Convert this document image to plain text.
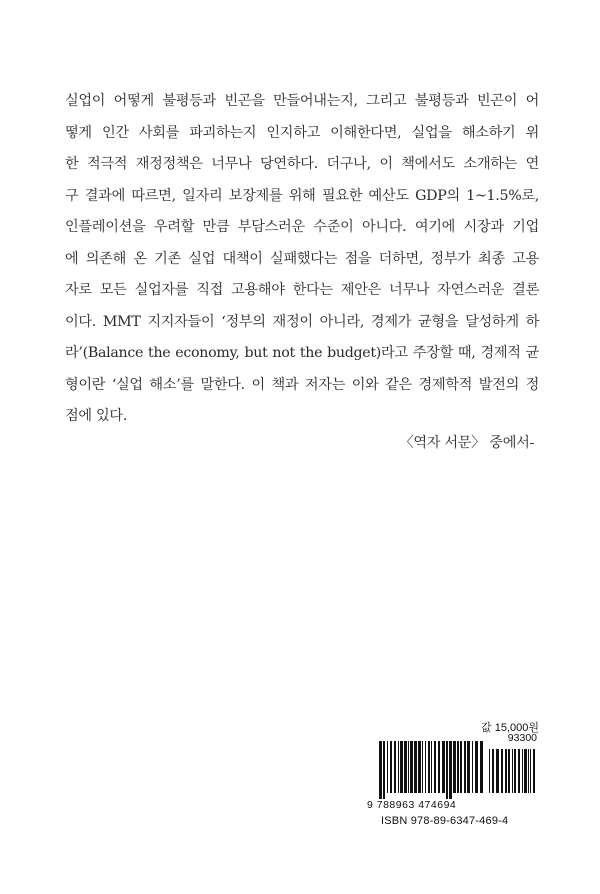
실업이 어떻게 불평등과 빈곤을 만들어내는지, 그리고 불평등과 빈곤이 어
떻게 인간 사회를 파괴하는지 인지하고 이해한다면, 실업을 해소하기 위
한 적극적 재정정책은 너무나 당연하다. 더구나, 이 책에서도 소개하는 연
구 결과에 따르면, 일자리 보장제를 위해 필요한 예산도 GDP의 1~1.5%로,
인플레이션을 우려할 만큼 부담스러운 수준이 아니다. 여기에 시장과 기업
에 의존해 온 기존 실업 대책이 실패했다는 점을 더하면, 정부가 최종 고용
자로 모든 실업자를 직접 고용해야 한다는 제안은 너무나 자연스러운 결론
이다. MMT 지지자들이 ‘정부의 재정이 아니라, 경제가 균형을 달성하게 하
라’(Balance the economy, but not the budget)라고 주장할 때, 경제적 균
형이란 ‘실업 해소’를 말한다. 이 책과 저자는 이와 같은 경제학적 발전의 정
점에 있다.
〈역자 서문〉 중에서-
값 15,000원
93300
9 788963 474694
ISBN 978-89-6347-469-4
